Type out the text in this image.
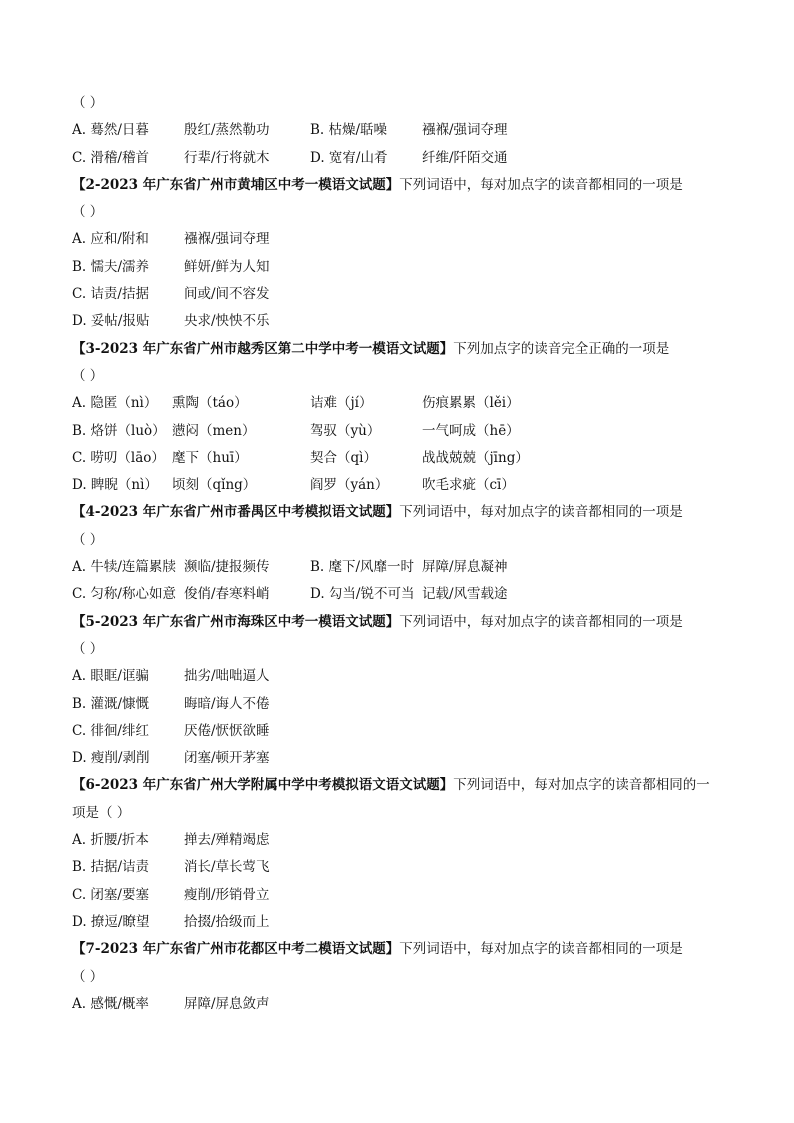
（ ）
A. 蓦然/日暮	殷红/蒸然勒功	B. 枯燥/聒噪	襁褓/强词夺理
C. 滑稽/稽首	行辈/行将就木	D. 宽宥/山肴	纤维/阡陌交通
【2-2023 年广东省广州市黄埔区中考一模语文试题】下列词语中，每对加点字的读音都相同的一项是
（ ）
A. 应和/附和	襁褓/强词夺理
B. 懦夫/濡养	鲜妍/鲜为人知
C. 诘责/拮据	间或/间不容发
D. 妥帖/报贴	央求/怏怏不乐
【3-2023 年广东省广州市越秀区第二中学中考一模语文试题】下列加点字的读音完全正确的一项是
（ ）
A. 隐匿（nì） 熏陶（táo）	诘难（jí）	伤痕累累（lěi）
B. 烙饼（luò） 懑闷（men）	驾驭（yù）	一气呵成（hē）
C. 唠叨（lāo） 麾下（huī）	契合（qì）	战战兢兢（jīng）
D. 睥睨（nì） 顷刻（qǐng）	阎罗（yán） 吹毛求疵（cī）
【4-2023 年广东省广州市番禺区中考模拟语文试题】下列词语中，每对加点字的读音都相同的一项是
（ ）
A. 牛犊/连篇累牍 濒临/捷报频传	B. 麾下/风靡一时 屏障/屏息凝神
C. 匀称/称心如意 俊俏/春寒料峭	D. 勾当/锐不可当 记载/风雪载途
【5-2023 年广东省广州市海珠区中考一模语文试题】下列词语中，每对加点字的读音都相同的一项是
（ ）
A. 眼眶/诓骗	拙劣/咄咄逼人
B. 灌溉/慷慨	晦暗/诲人不倦
C. 徘徊/绯红	厌倦/恹恹欲睡
D. 瘦削/剥削	闭塞/顿开茅塞
【6-2023 年广东省广州大学附属中学中考模拟语文语文试题】下列词语中，每对加点字的读音都相同的一
项是（ ）
A. 折腰/折本	掸去/殚精竭虑
B. 拮据/诘责	消长/草长莺飞
C. 闭塞/要塞	瘦削/形销骨立
D. 撩逗/瞭望	拾掇/拾级而上
【7-2023 年广东省广州市花都区中考二模语文试题】下列词语中，每对加点字的读音都相同的一项是
（ ）
A. 感慨/概率	屏障/屏息敛声
